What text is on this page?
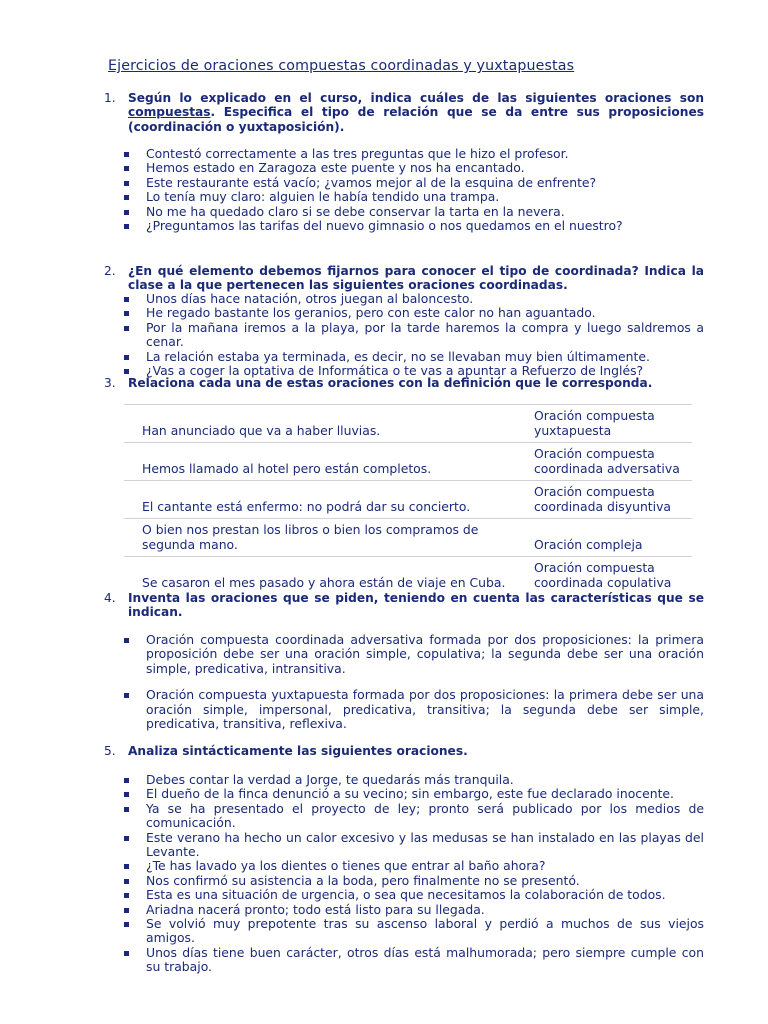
Ejercicios de oraciones compuestas coordinadas y yuxtapuestas
1.	Según lo explicado en el curso, indica cuáles de las siguientes oraciones son compuestas. Especifica el tipo de relación que se da entre sus proposiciones (coordinación o yuxtaposición).
Contestó correctamente a las tres preguntas que le hizo el profesor.
Hemos estado en Zaragoza este puente y nos ha encantado.
Este restaurante está vacío; ¿vamos mejor al de la esquina de enfrente?
Lo tenía muy claro: alguien le había tendido una trampa.
No me ha quedado claro si se debe conservar la tarta en la nevera.
¿Preguntamos las tarifas del nuevo gimnasio o nos quedamos en el nuestro?
2.	¿En qué elemento debemos fijarnos para conocer el tipo de coordinada? Indica la clase a la que pertenecen las siguientes oraciones coordinadas.
Unos días hace natación, otros juegan al baloncesto.
He regado bastante los geranios, pero con este calor no han aguantado.
Por la mañana iremos a la playa, por la tarde haremos la compra y luego saldremos a cenar.
La relación estaba ya terminada, es decir, no se llevaban muy bien últimamente.
¿Vas a coger la optativa de Informática o te vas a apuntar a Refuerzo de Inglés?
3.	Relaciona cada una de estas oraciones con la definición que le corresponda.
Han anunciado que va a haber lluvias.	Oración compuesta yuxtapuesta
Hemos llamado al hotel pero están completos.	Oración compuesta coordinada adversativa
El cantante está enfermo: no podrá dar su concierto.	Oración compuesta coordinada disyuntiva
O bien nos prestan los libros o bien los compramos de segunda mano.	Oración compleja
Se casaron el mes pasado y ahora están de viaje en Cuba.	Oración compuesta coordinada copulativa
4.	Inventa las oraciones que se piden, teniendo en cuenta las características que se indican.
Oración compuesta coordinada adversativa formada por dos proposiciones: la primera proposición debe ser una oración simple, copulativa; la segunda debe ser una oración simple, predicativa, intransitiva.
Oración compuesta yuxtapuesta formada por dos proposiciones: la primera debe ser una oración simple, impersonal, predicativa, transitiva; la segunda debe ser simple, predicativa, transitiva, reflexiva.
5.	Analiza sintácticamente las siguientes oraciones.
Debes contar la verdad a Jorge, te quedarás más tranquila.
El dueño de la finca denunció a su vecino; sin embargo, este fue declarado inocente.
Ya se ha presentado el proyecto de ley; pronto será publicado por los medios de comunicación.
Este verano ha hecho un calor excesivo y las medusas se han instalado en las playas del Levante.
¿Te has lavado ya los dientes o tienes que entrar al baño ahora?
Nos confirmó su asistencia a la boda, pero finalmente no se presentó.
Esta es una situación de urgencia, o sea que necesitamos la colaboración de todos.
Ariadna nacerá pronto; todo está listo para su llegada.
Se volvió muy prepotente tras su ascenso laboral y perdió a muchos de sus viejos amigos.
Unos días tiene buen carácter, otros días está malhumorada; pero siempre cumple con su trabajo.
